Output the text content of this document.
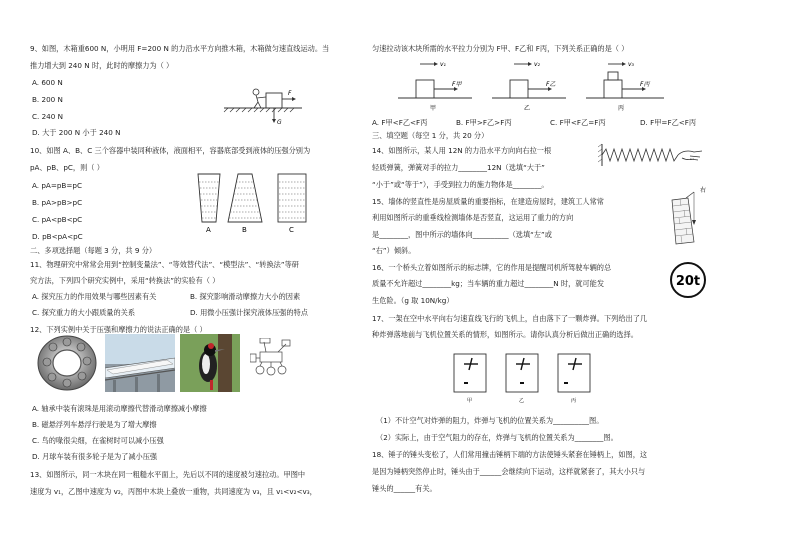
9、如图，木箱重600 N，小明用 F=200 N 的力沿水平方向推木箱，木箱做匀速直线运动。当
推力增大到 240 N 时，此时的摩擦力为（ ）
A. 600 N
B. 200 N
C. 240 N
D. 大于 200 N 小于 240 N
F
G
10、如图 A、B、C 三个容器中装同种液体，液面相平，容器底部受到液体的压强分别为
pA、pB、pC，则（ ）
A. pA=pB=pC
B. pA>pB>pC
C. pA<pB<pC
D. pB<pA<pC
A	B	C
二、多项选择题（每题 3 分，共 9 分）
11、物理研究中常常会用到“控制变量法”、“等效替代法”、“模型法”、“转换法”等研
究方法，下列四个研究实例中，采用“转换法”的实验有（ ）
A. 探究压力的作用效果与哪些因素有关	B. 探究影响滑动摩擦力大小的因素
C. 探究重力的大小跟质量的关系	D. 用微小压强计探究液体压强的特点
12、下列实例中关于压强和摩擦力的说法正确的是（ ）
A. 轴承中装有滚珠是用滚动摩擦代替滑动摩擦减小摩擦
B. 磁悬浮列车悬浮行驶是为了增大摩擦
C. 鸟的喙很尖细，在雀树时可以减小压强
D. 月球车装有很多轮子是为了减小压强
13、如图所示，同一木块在同一粗糙水平面上，先后以不同的速度被匀速拉动。甲图中
速度为 v₁，乙图中速度为 v₂，丙图中木块上叠放一重物，共同速度为 v₃，且 v₁<v₂<v₃，
匀速拉动该木块所需的水平拉力分别为 F甲、F乙和 F丙，下列关系正确的是（ ）
v₁	v₂	v₃
F甲	F乙	F丙
甲	乙	丙
A. F甲<F乙<F丙	B. F甲>F乙>F丙	C. F甲<F乙=F丙	D. F甲=F乙<F丙
三、填空题（每空 1 分，共 20 分）
14、如图所示，某人用 12N 的力沿水平方向向右拉一根
轻质弹簧，弹簧对手的拉力________12N（选填“大于”
“小于”或“等于”），手受到拉力的施力物体是________。
15、墙体的竖直性是房屋质量的重要指标，在建造房屋时，建筑工人常常
利用如图所示的重垂线检测墙体是否竖直，这运用了重力的方向
是________，图中所示的墙体向__________（选填“左”或
“右”）倾斜。
右
16、一个桥头立着如图所示的标志牌，它的作用是提醒司机所驾驶车辆的总
质量不允许超过________kg；当车辆的重力超过________N 时，就可能发
生危险。（g 取 10N/kg）
20t
17、一架在空中水平向右匀速直线飞行的飞机上，自由落下了一颗炸弹。下列给出了几
种炸弹落地前与飞机位置关系的情形，如图所示。请你认真分析后做出正确的选择。
甲	乙	丙
（1）不计空气对炸弹的阻力，炸弹与飞机的位置关系为__________图。
（2）实际上，由于空气阻力的存在，炸弹与飞机的位置关系为________图。
18、锤子的锤头变松了，人们常用撞击锤柄下端的方法使锤头紧套在锤柄上，如图，这
是因为锤柄突然停止时，锤头由于______会继续向下运动，这样就紧套了，其大小只与
锤头的______有关。
